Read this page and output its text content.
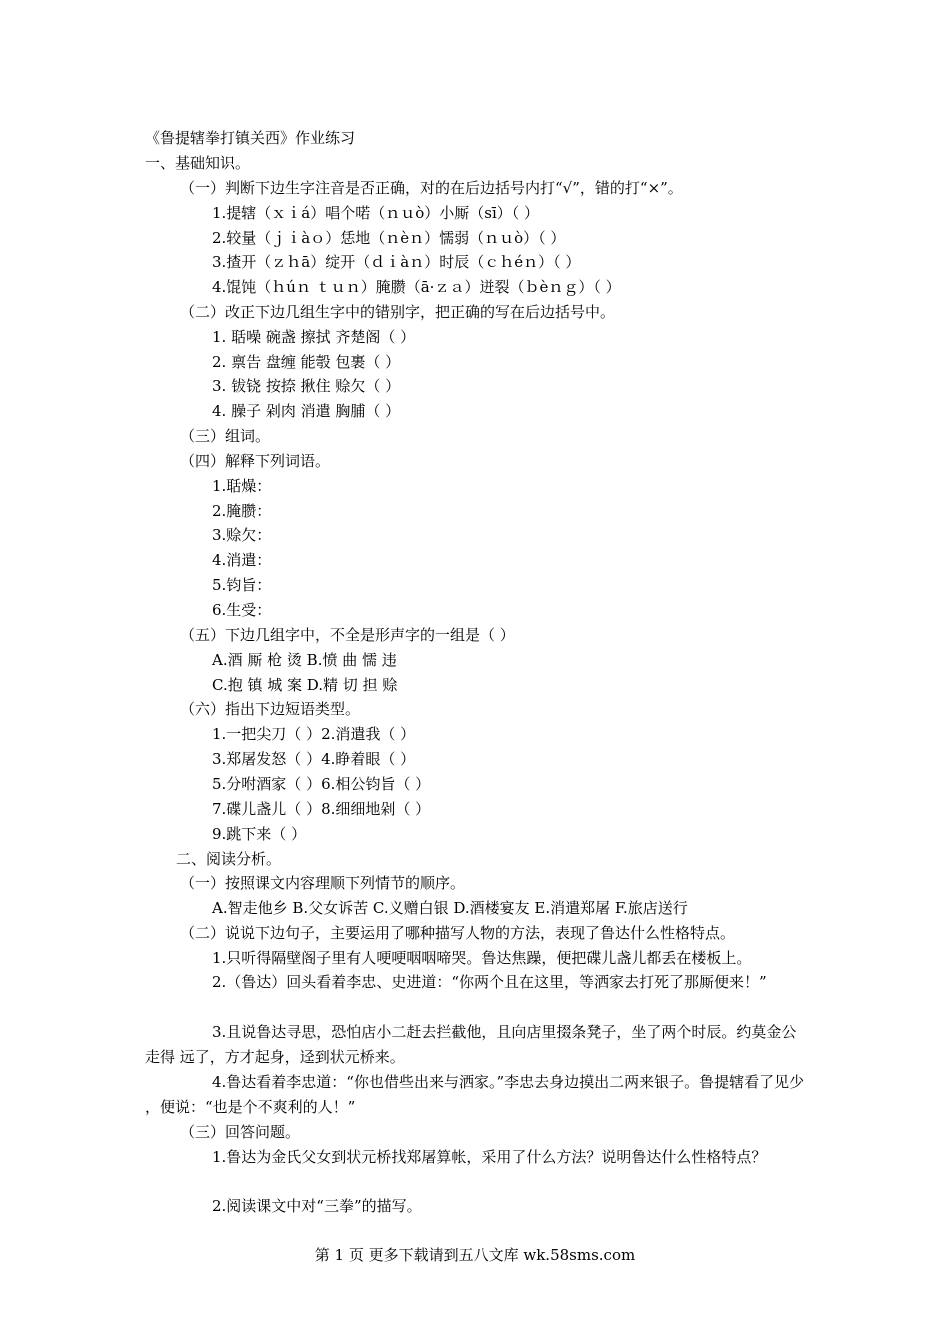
《鲁提辖拳打镇关西》作业练习
一、基础知识。
（一）判断下边生字注音是否正确，对的在后边括号内打“√”，错的打“×”。
1.提辖（ｘｉá）唱个喏（ｎｕò）小厮（sī）（ ）
2.较量（ｊｉàｏ）恁地（ｎèｎ）懦弱（ｎｕò）（ ）
3.揸开（ｚｈā）绽开（ｄｉàｎ）时辰（ｃｈéｎ）（ ）
4.馄饨（ｈúｎ ｔｕｎ）腌臜（ā·ｚａ）迸裂（ｂèｎｇ）（ ）
（二）改正下边几组生字中的错别字，把正确的写在后边括号中。
1. 聒噪 碗盏 擦拭 齐楚阁（ ）
2. 禀告 盘缠 能彀 包裹（ ）
3. 钹铙 按捺 揪住 赊欠（ ）
4. 臊子 剁肉 消遣 胸脯（ ）
（三）组词。
（四）解释下列词语。
1.聒燥：
2.腌臜：
3.赊欠：
4.消遣：
5.钧旨：
6.生受：
（五）下边几组字中，不全是形声字的一组是（ ）
A.酒 厮 枪 烫 B.愤 曲 懦 违
C.抱 镇 城 案 D.精 切 担 赊
（六）指出下边短语类型。
1.一把尖刀（ ）2.消遣我（ ）
3.郑屠发怒（ ）4.睁着眼（ ）
5.分咐酒家（ ）6.相公钧旨（ ）
7.碟儿盏儿（ ）8.细细地剁（ ）
9.跳下来（ ）
二、阅读分析。
（一）按照课文内容理顺下列情节的顺序。
A.智走他乡 B.父女诉苦 C.义赠白银 D.酒楼宴友 E.消遣郑屠 F.旅店送行
（二）说说下边句子，主要运用了哪种描写人物的方法，表现了鲁达什么性格特点。
1.只听得隔壁阁子里有人哽哽咽咽啼哭。鲁达焦躁，便把碟儿盏儿都丢在楼板上。
2.（鲁达）回头看着李忠、史进道：“你两个且在这里，等洒家去打死了那厮便来！”
3.且说鲁达寻思，恐怕店小二赶去拦截他，且向店里掇条凳子，坐了两个时辰。约莫金公走得 远了，方才起身，迳到状元桥来。
4.鲁达看着李忠道：“你也借些出来与洒家。”李忠去身边摸出二两来银子。鲁提辖看了见少 ，便说：“也是个不爽利的人！”
（三）回答问题。
1.鲁达为金氏父女到状元桥找郑屠算帐，采用了什么方法？说明鲁达什么性格特点？
2.阅读课文中对“三拳”的描写。
第 1 页 更多下载请到五八文库 wk.58sms.com
